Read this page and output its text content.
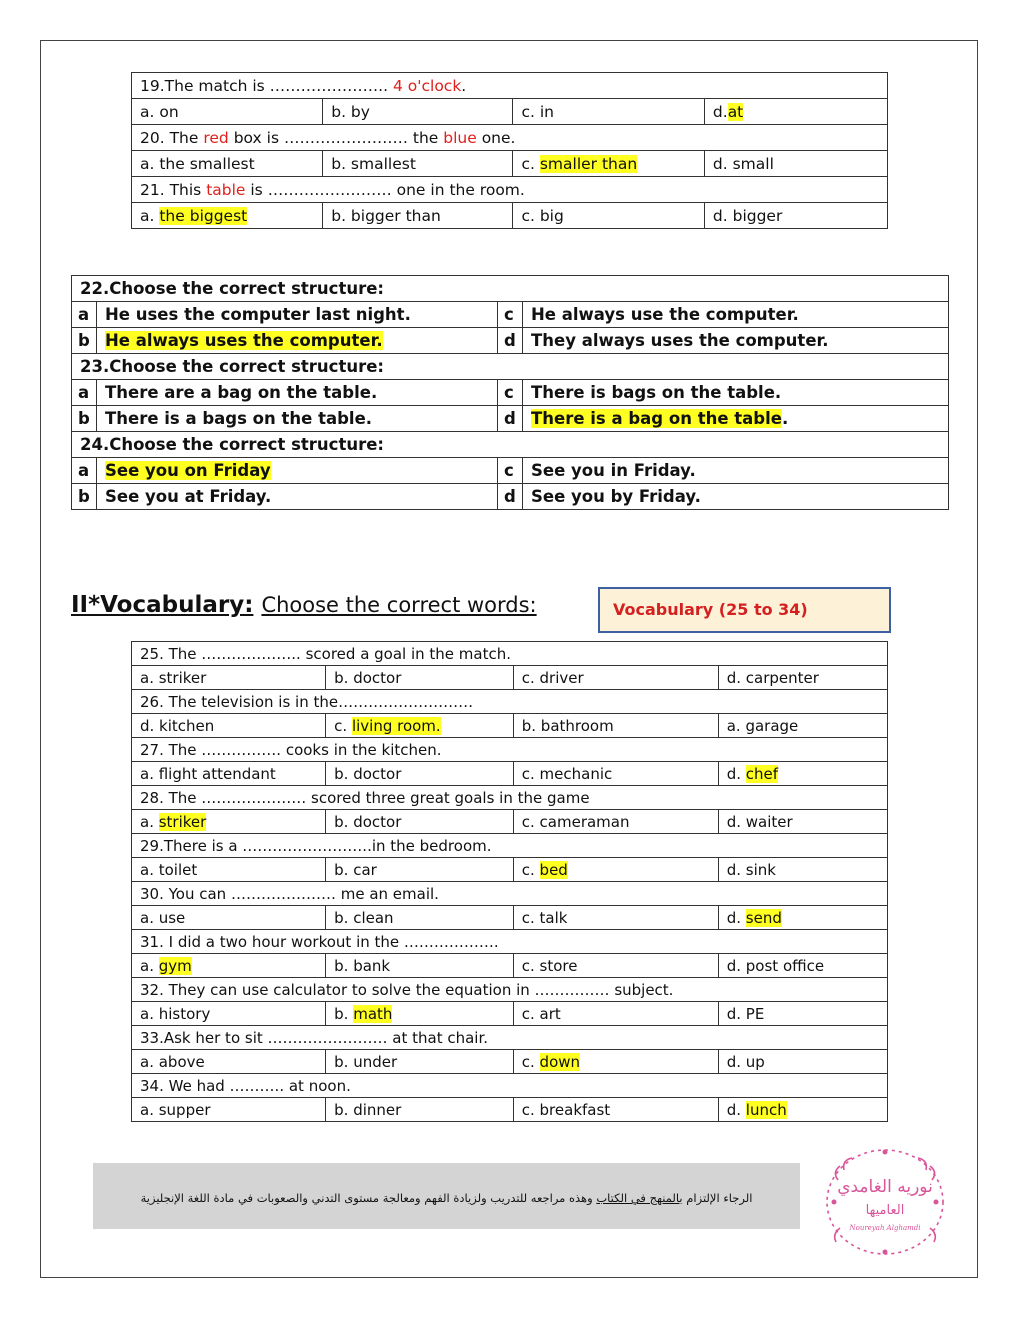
19.The match is ………………….. 4 o'clock.			
a. on	b. by	c. in	d.at
20. The red box is …………………… the blue one.			
a. the smallest	b. smallest	c. smaller than	d. small
21. This table is …………………… one in the room.			
a. the biggest	b. bigger than	c. big	d. bigger
22.Choose the correct structure:			
a	He uses the computer last night.	c	He always use the computer.
b	He always uses the computer.	d	They always uses the computer.
23.Choose the correct structure:			
a	There are a bag on the table.	c	There is bags on the table.
b	There is a bags on the table.	d	There is a bag on the table.
24.Choose the correct structure:			
a	See you on Friday	c	See you in Friday.
b	See you at Friday.	d	See you by Friday.
II*Vocabulary: Choose the correct words:	Vocabulary (25 to 34)
25. The ……………….. scored a goal in the match.			
a. striker	b. doctor	c. driver	d. carpenter
26. The television is in the………………………			
d. kitchen	c. living room.	b. bathroom	a. garage
27. The ……………. cooks in the kitchen.			
a. flight attendant	b. doctor	c. mechanic	d. chef
28. The ………………… scored three great goals in the game			
a. striker	b. doctor	c. cameraman	d. waiter
29.There is a ……………………..in the bedroom.			
a. toilet	b. car	c. bed	d. sink
30. You can ………………… me an email.			
a. use	b. clean	c. talk	d. send
31. I did a two hour workout in the ……………….			
a. gym	b. bank	c. store	d. post office
32. They can use calculator to solve the equation in …………… subject.			
a. history	b. math	c. art	d. PE
33.Ask her to sit …………………… at that chair.			
a. above	b. under	c. down	d. up
34. We had ……….. at noon.			
a. supper	b. dinner	c. breakfast	d. lunch
الرجاء الإلتزام بالمنهج في الكتاب وهذه مراجعه للتدريب ولزيادة الفهم ومعالجة مستوى التدني والصعوبات في مادة اللغة الإنجليزية
نوريه الغامدي
العاميها
Noureyah Alghamdi
